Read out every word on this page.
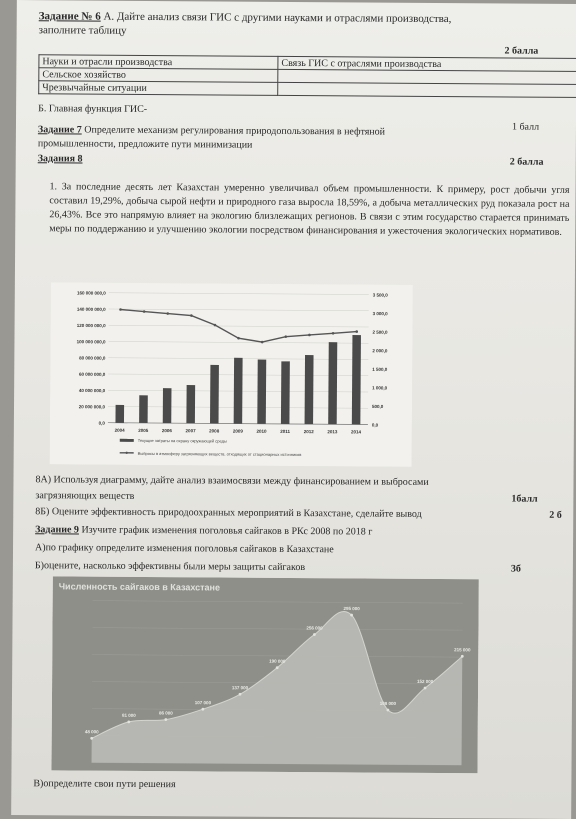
Задание № 6 А. Дайте анализ связи ГИС с другими науками и отраслями производства,
заполните таблицу
2 балла
Науки и отрасли производства	Связь ГИС с отраслями производства
Сельское хозяйство	
Чрезвычайные ситуации	
Б. Главная функция ГИС-
1 балл
Задание 7 Определите механизм регулирования природопользования в нефтяной
промышленности, предложите пути минимизации
Задания 8	2 балла
1. За последние десять лет Казахстан умеренно увеличивал объем промышленности. К примеру, рост добычи угля составил 19,29%, добыча сырой нефти и природного газа выросла 18,59%, а добыча металлических руд показала рост на 26,43%. Все это напрямую влияет на экологию близлежащих регионов. В связи с этим государство старается принимать меры по поддержанию и улучшению экологии посредством финансирования и ужесточения экологических нормативов.
0,0
20 000 000,0
40 000 000,0
60 000 000,0
80 000 000,0
100 000 000,0
120 000 000,0
140 000 000,0
160 000 000,0
0,0
500,0
1 000,0
1 500,0
2 000,0
2 500,0
3 000,0
3 500,0
2004	2005	2006	2007	2008	2009	2010	2011	2012	2013	2014
Текущие затраты на охрану окружающей среды
Выбросы в атмосферу загрязняющих веществ, отходящих от стационарных источников
8А) Используя диаграмму, дайте анализ взаимосвязи между финансированием и выбросами
загрязняющих веществ	1балл
8Б) Оцените эффективность природоохранных мероприятий в Казахстане, сделайте вывод	2 б
Задание 9 Изучите график изменения поголовья сайгаков в РКс 2008 по 2018 г
А)по графику определите изменения поголовья сайгаков в Казахстане
Б)оцените, насколько эффективны были меры защиты сайгаков	3б
Численность сайгаков в Казахстане
48 000
81 000	86 000
107 000
137 000
190 000
256 000
295 000
108 000
152 000
215 000
В)определите свои пути решения
